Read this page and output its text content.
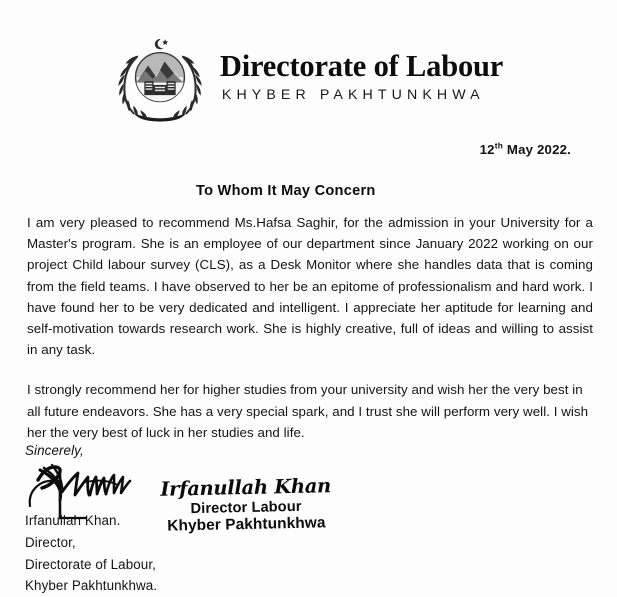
Directorate of Labour
KHYBER PAKHTUNKHWA
12th May 2022.
To Whom It May Concern

I am very pleased to recommend Ms.Hafsa Saghir, for the admission in your University for a Master's program. She is an employee of our department since January 2022 working on our project Child labour survey (CLS), as a Desk Monitor where she handles data that is coming from the field teams. I have observed to her be an epitome of professionalism and hard work. I have found her to be very dedicated and intelligent. I appreciate her aptitude for learning and self-motivation towards research work. She is highly creative, full of ideas and willing to assist in any task.

I strongly recommend her for higher studies from your university and wish her the very best in all future endeavors. She has a very special spark, and I trust she will perform very well. I wish her the very best of luck in her studies and life.

Sincerely,
Irfanullah Khan.
Director,
Directorate of Labour,
Khyber Pakhtunkhwa.
Irfanullah Khan
Director Labour
Khyber Pakhtunkhwa
